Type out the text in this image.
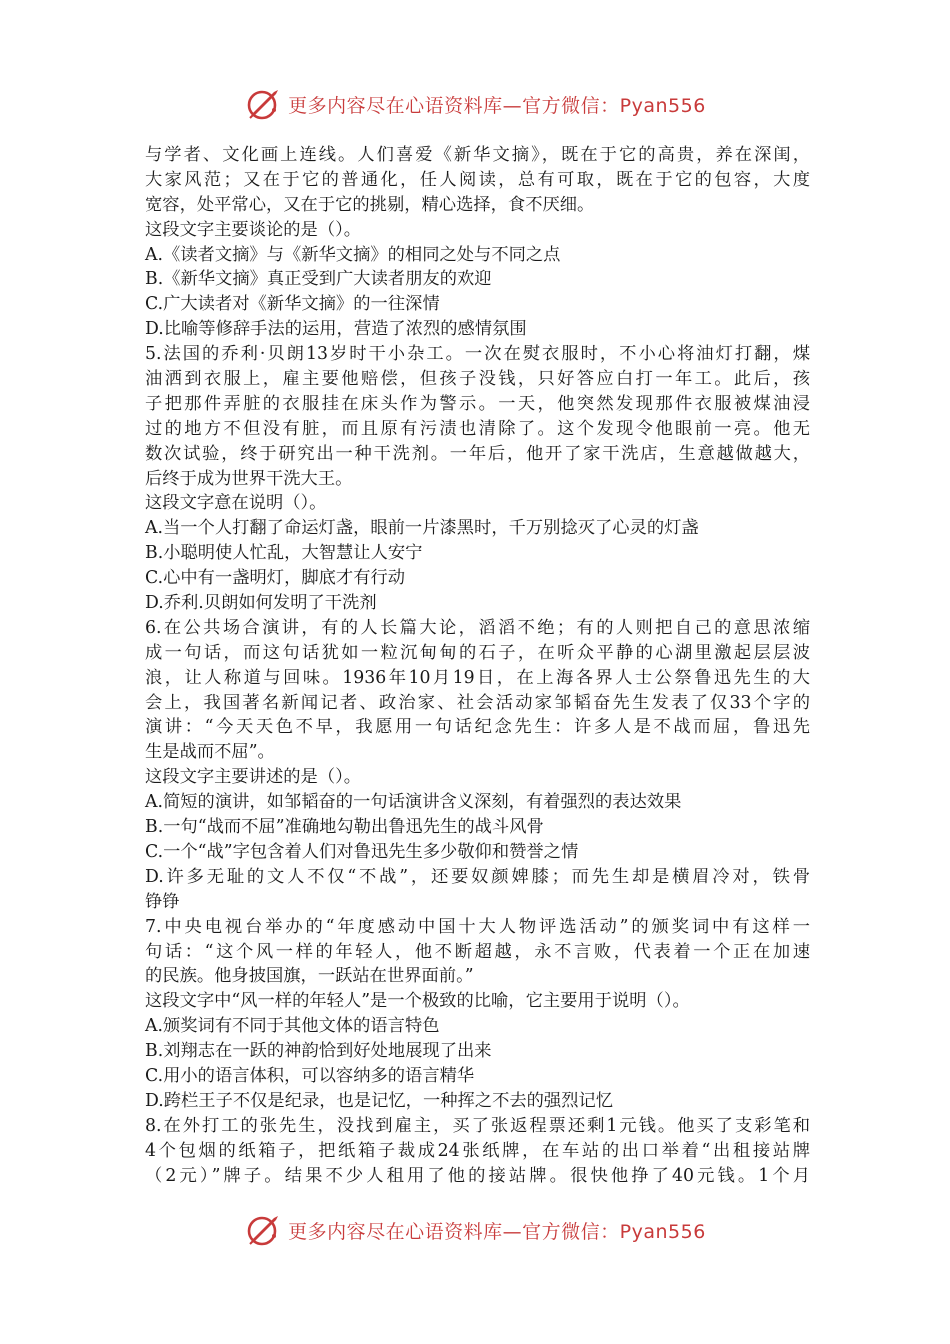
更多内容尽在心语资料库—官方微信：Pyan556
与学者、文化画上连线。人们喜爱《新华文摘》，既在于它的高贵，养在深闺，
大家风范；又在于它的普通化，任人阅读，总有可取，既在于它的包容，大度
宽容，处平常心，又在于它的挑剔，精心选择，食不厌细。
这段文字主要谈论的是（）。
A.《读者文摘》与《新华文摘》的相同之处与不同之点
B.《新华文摘》真正受到广大读者朋友的欢迎
C.广大读者对《新华文摘》的一往深情
D.比喻等修辞手法的运用，营造了浓烈的感情氛围
5.法国的乔利·贝朗13岁时干小杂工。一次在熨衣服时，不小心将油灯打翻，煤
油洒到衣服上，雇主要他赔偿，但孩子没钱，只好答应白打一年工。此后，孩
子把那件弄脏的衣服挂在床头作为警示。一天，他突然发现那件衣服被煤油浸
过的地方不但没有脏，而且原有污渍也清除了。这个发现令他眼前一亮。他无
数次试验，终于研究出一种干洗剂。一年后，他开了家干洗店，生意越做越大，
后终于成为世界干洗大王。
这段文字意在说明（）。
A.当一个人打翻了命运灯盏，眼前一片漆黑时，千万别捻灭了心灵的灯盏
B.小聪明使人忙乱，大智慧让人安宁
C.心中有一盏明灯，脚底才有行动
D.乔利.贝朗如何发明了干洗剂
6.在公共场合演讲，有的人长篇大论，滔滔不绝；有的人则把自己的意思浓缩
成一句话，而这句话犹如一粒沉甸甸的石子，在听众平静的心湖里激起层层波
浪，让人称道与回味。1936年10月19日，在上海各界人士公祭鲁迅先生的大
会上，我国著名新闻记者、政治家、社会活动家邹韬奋先生发表了仅33个字的
演讲：“今天天色不早，我愿用一句话纪念先生：许多人是不战而屈，鲁迅先
生是战而不屈”。
这段文字主要讲述的是（）。
A.简短的演讲，如邹韬奋的一句话演讲含义深刻，有着强烈的表达效果
B.一句“战而不屈”准确地勾勒出鲁迅先生的战斗风骨
C.一个“战”字包含着人们对鲁迅先生多少敬仰和赞誉之情
D.许多无耻的文人不仅“不战”，还要奴颜婢膝；而先生却是横眉冷对，铁骨
铮铮
7.中央电视台举办的“年度感动中国十大人物评选活动”的颁奖词中有这样一
句话：“这个风一样的年轻人，他不断超越，永不言败，代表着一个正在加速
的民族。他身披国旗，一跃站在世界面前。”
这段文字中“风一样的年轻人”是一个极致的比喻，它主要用于说明（）。
A.颁奖词有不同于其他文体的语言特色
B.刘翔志在一跃的神韵恰到好处地展现了出来
C.用小的语言体积，可以容纳多的语言精华
D.跨栏王子不仅是纪录，也是记忆，一种挥之不去的强烈记忆
8.在外打工的张先生，没找到雇主，买了张返程票还剩1元钱。他买了支彩笔和
4个包烟的纸箱子，把纸箱子裁成24张纸牌，在车站的出口举着“出租接站牌
（2元）”牌子。结果不少人租用了他的接站牌。很快他挣了40元钱。1个月
更多内容尽在心语资料库—官方微信：Pyan556
